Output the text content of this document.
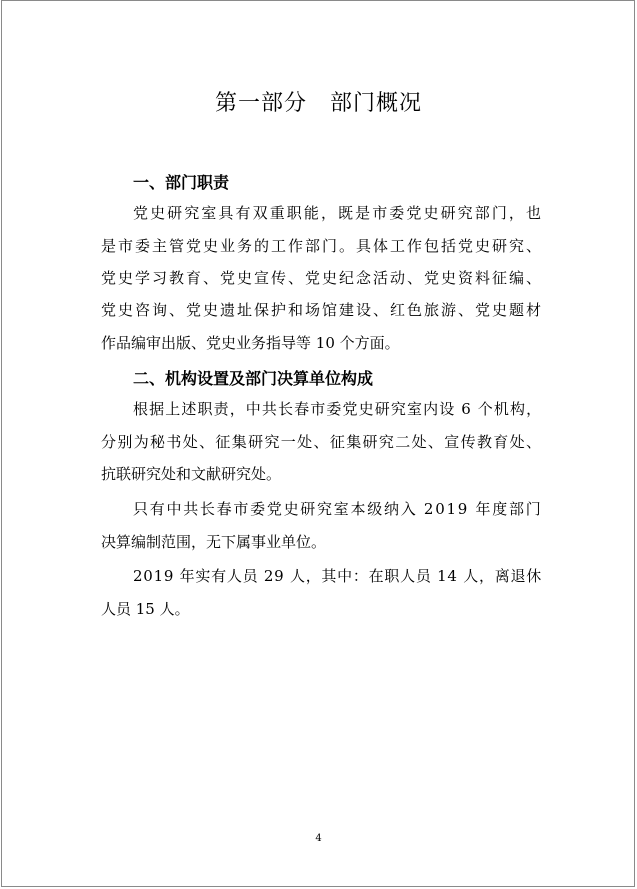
第一部分　部门概况
一、部门职责

党史研究室具有双重职能，既是市委党史研究部门，也

是市委主管党史业务的工作部门。具体工作包括党史研究、

党史学习教育、党史宣传、党史纪念活动、党史资料征编、

党史咨询、党史遗址保护和场馆建设、红色旅游、党史题材

作品编审出版、党史业务指导等 10 个方面。

二、机构设置及部门决算单位构成

根据上述职责，中共长春市委党史研究室内设 6 个机构，

分别为秘书处、征集研究一处、征集研究二处、宣传教育处、

抗联研究处和文献研究处。

只有中共长春市委党史研究室本级纳入 2019 年度部门

决算编制范围，无下属事业单位。

2019 年实有人员 29 人，其中：在职人员 14 人，离退休

人员 15 人。

4
